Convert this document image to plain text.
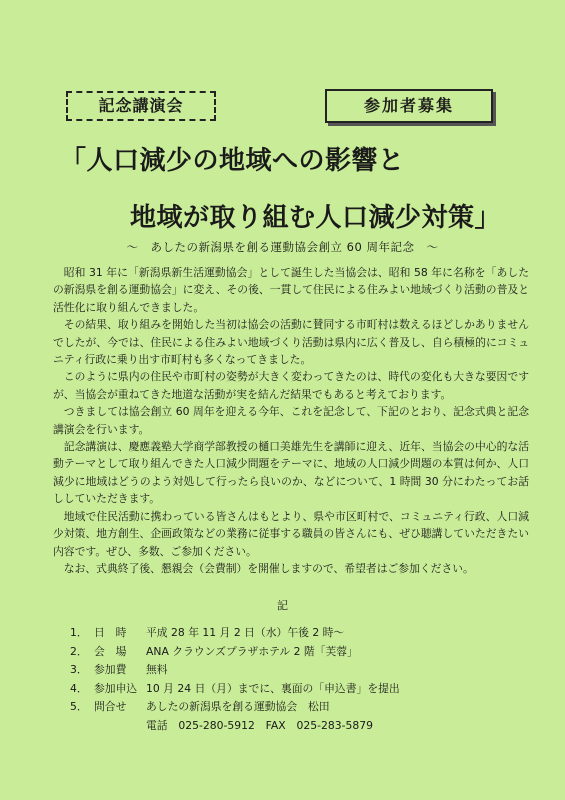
記念講演会	参加者募集
「人口減少の地域への影響と
地域が取り組む人口減少対策」
～　あしたの新潟県を創る運動協会創立 60 周年記念　～

昭和 31 年に「新潟県新生活運動協会」として誕生した当協会は、昭和 58 年に名称を「あしたの新潟県を創る運動協会」に変え、その後、一貫して住民による住みよい地域づくり活動の普及と活性化に取り組んできました。

その結果、取り組みを開始した当初は協会の活動に賛同する市町村は数えるほどしかありませんでしたが、今では、住民による住みよい地域づくり活動は県内に広く普及し、自ら積極的にコミュニティ行政に乗り出す市町村も多くなってきました。

このように県内の住民や市町村の姿勢が大きく変わってきたのは、時代の変化も大きな要因ですが、当協会が重ねてきた地道な活動が実を結んだ結果でもあると考えております。

つきましては協会創立 60 周年を迎える今年、これを記念して、下記のとおり、記念式典と記念講演会を行います。

記念講演は、慶應義塾大学商学部教授の樋口美雄先生を講師に迎え、近年、当協会の中心的な活動テーマとして取り組んできた人口減少問題をテーマに、地域の人口減少問題の本質は何か、人口減少に地域はどうのよう対処して行ったら良いのか、などについて、1 時間 30 分にわたってお話ししていただきます。

地域で住民活動に携わっている皆さんはもとより、県や市区町村で、コミュニティ行政、人口減少対策、地方創生、企画政策などの業務に従事する職員の皆さんにも、ぜひ聴講していただきたい内容です。ぜひ、多数、ご参加ください。

なお、式典終了後、懇親会（会費制）を開催しますので、希望者はご参加ください。

記
1． 日　時	平成 28 年 11 月 2 日（水）午後 2 時～
2． 会　場	ANA クラウンズプラザホテル 2 階「芙蓉」
3． 参加費	無料
4． 参加申込 10 月 24 日（月）までに、裏面の「申込書」を提出
5． 問合せ	あしたの新潟県を創る運動協会　松田
電話　025-280-5912　FAX　025-283-5879
